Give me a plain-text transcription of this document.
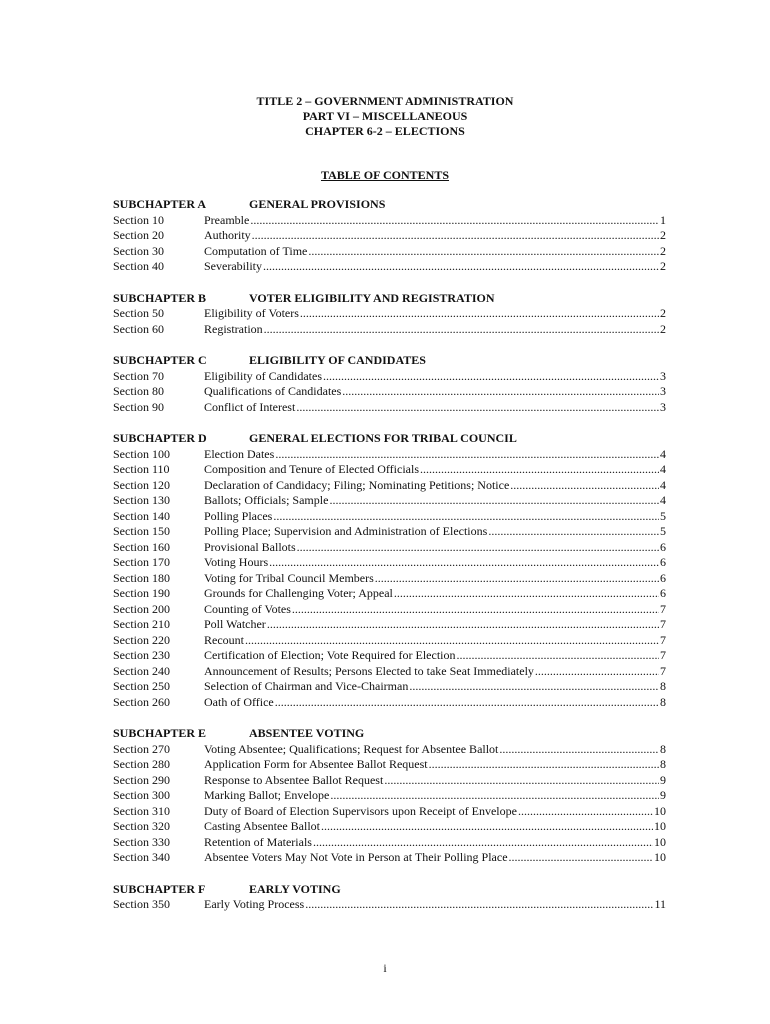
TITLE 2 – GOVERNMENT ADMINISTRATION
PART VI – MISCELLANEOUS
CHAPTER 6-2 – ELECTIONS
TABLE OF CONTENTS
SUBCHAPTER A	GENERAL PROVISIONS
Section 10	Preamble .....	1
Section 20	Authority .....	2
Section 30	Computation of Time .....	2
Section 40	Severability .....	2
SUBCHAPTER B	VOTER ELIGIBILITY AND REGISTRATION
Section 50	Eligibility of Voters .....	2
Section 60	Registration .....	2
SUBCHAPTER C	ELIGIBILITY OF CANDIDATES
Section 70	Eligibility of Candidates .....	3
Section 80	Qualifications of Candidates .....	3
Section 90	Conflict of Interest .....	3
SUBCHAPTER D	GENERAL ELECTIONS FOR TRIBAL COUNCIL
Section 100	Election Dates .....	4
Section 110	Composition and Tenure of Elected Officials .....	4
Section 120	Declaration of Candidacy; Filing; Nominating Petitions; Notice .....	4
Section 130	Ballots; Officials; Sample .....	4
Section 140	Polling Places .....	5
Section 150	Polling Place; Supervision and Administration of Elections .....	5
Section 160	Provisional Ballots .....	6
Section 170	Voting Hours .....	6
Section 180	Voting for Tribal Council Members .....	6
Section 190	Grounds for Challenging Voter; Appeal .....	6
Section 200	Counting of Votes .....	7
Section 210	Poll Watcher .....	7
Section 220	Recount .....	7
Section 230	Certification of Election; Vote Required for Election .....	7
Section 240	Announcement of Results; Persons Elected to take Seat Immediately .....	7
Section 250	Selection of Chairman and Vice-Chairman .....	8
Section 260	Oath of Office .....	8
SUBCHAPTER E	ABSENTEE VOTING
Section 270	Voting Absentee; Qualifications; Request for Absentee Ballot .....	8
Section 280	Application Form for Absentee Ballot Request .....	8
Section 290	Response to Absentee Ballot Request .....	9
Section 300	Marking Ballot; Envelope .....	9
Section 310	Duty of Board of Election Supervisors upon Receipt of Envelope .....	10
Section 320	Casting Absentee Ballot .....	10
Section 330	Retention of Materials .....	10
Section 340	Absentee Voters May Not Vote in Person at Their Polling Place .....	10
SUBCHAPTER F	EARLY VOTING
Section 350	Early Voting Process .....	11
i
